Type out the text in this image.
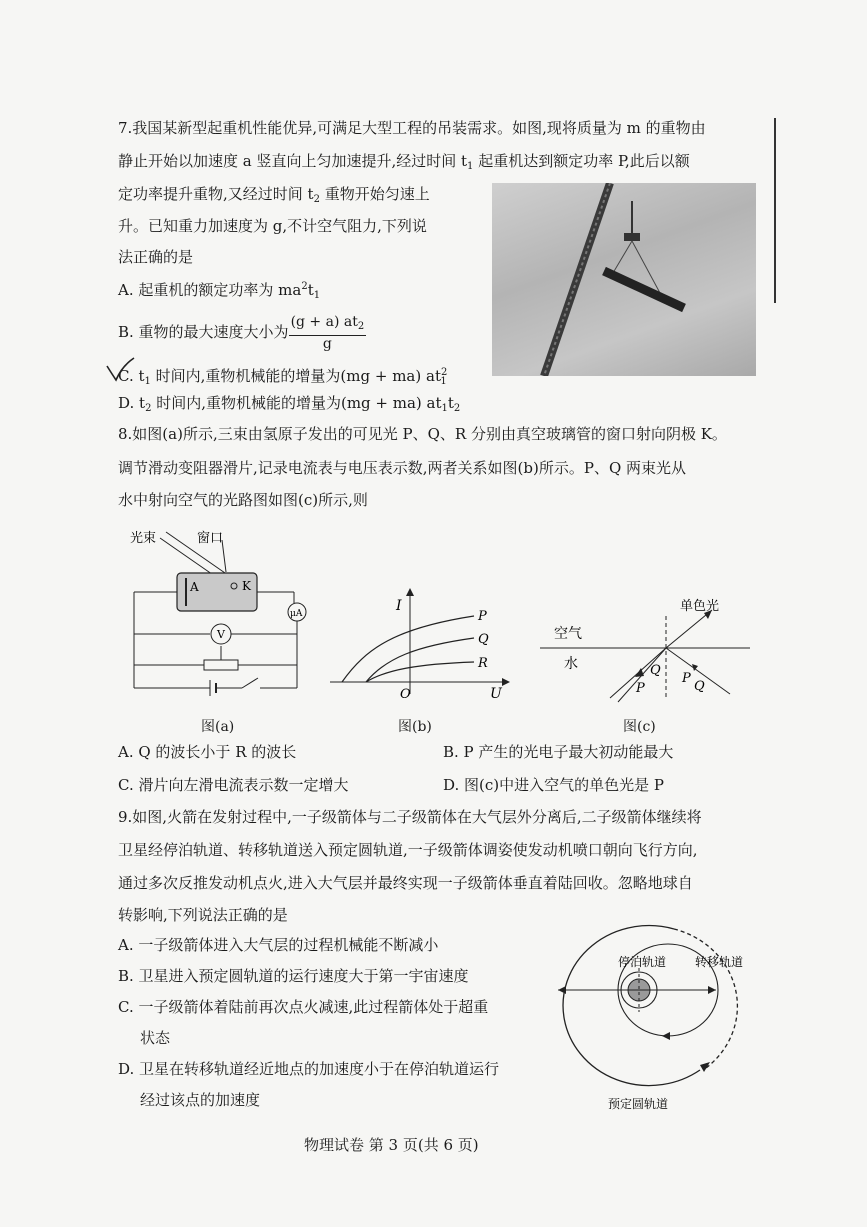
7.我国某新型起重机性能优异,可满足大型工程的吊装需求。如图,现将质量为 m 的重物由
静止开始以加速度 a 竖直向上匀加速提升,经过时间 $t_1$ 起重机达到额定功率 P,此后以额
定功率提升重物,又经过时间 $t_2$ 重物开始匀速上
升。已知重力加速度为 g,不计空气阻力,下列说
法正确的是
A. 起重机的额定功率为 $ma^2t_1$
B. 重物的最大速度大小为 $\frac{(g + a) at_2}{g}$
C. $t_1$ 时间内,重物机械能的增量为(mg + ma) $at^2_1$
D. $t_2$ 时间内,重物机械能的增量为(mg + ma) $at_1t_2$
8.如图(a)所示,三束由氢原子发出的可见光 P、Q、R 分别由真空玻璃管的窗口射向阴极 K。
调节滑动变阻器滑片,记录电流表与电压表示数,两者关系如图(b)所示。P、Q 两束光从
水中射向空气的光路图如图(c)所示,则
光束	窗口
A	K
μA
V
图(a)
I
U
O
P
Q
R
图(b)
单色光
空气
水
P
Q
P
Q
图(c)
A. Q 的波长小于 R 的波长	B. P 产生的光电子最大初动能最大
C. 滑片向左滑电流表示数一定增大	D. 图(c)中进入空气的单色光是 P
9.如图,火箭在发射过程中,一子级箭体与二子级箭体在大气层外分离后,二子级箭体继续将
卫星经停泊轨道、转移轨道送入预定圆轨道,一子级箭体调姿使发动机喷口朝向飞行方向,
通过多次反推发动机点火,进入大气层并最终实现一子级箭体垂直着陆回收。忽略地球自
转影响,下列说法正确的是
A. 一子级箭体进入大气层的过程机械能不断减小
B. 卫星进入预定圆轨道的运行速度大于第一宇宙速度
C. 一子级箭体着陆前再次点火减速,此过程箭体处于超重
状态
D. 卫星在转移轨道经近地点的加速度小于在停泊轨道运行
经过该点的加速度
停泊轨道 转移轨道
预定圆轨道
物理试卷 第 3 页(共 6 页)
